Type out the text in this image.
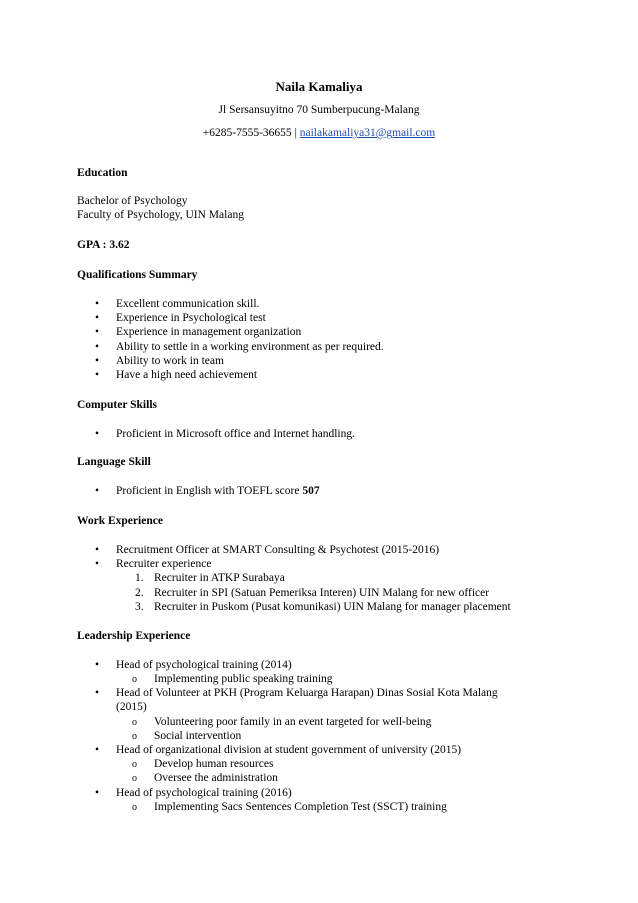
Naila Kamaliya
Jl Sersansuyitno 70 Sumberpucung-Malang
+6285-7555-36655 | nailakamaliya31@gmail.com
Education
Bachelor of Psychology
Faculty of Psychology, UIN Malang
GPA : 3.62
Qualifications Summary
Excellent communication skill.
Experience in Psychological test
Experience in management organization
Ability to settle in a working environment as per required.
Ability to work in team
Have a high need achievement
Computer Skills
Proficient in Microsoft office and Internet handling.
Language Skill
Proficient in English with TOEFL score 507
Work Experience
Recruitment Officer at SMART Consulting & Psychotest (2015-2016)
Recruiter experience
1. Recruiter in ATKP Surabaya
2. Recruiter in SPI (Satuan Pemeriksa Interen) UIN Malang for new officer
3. Recruiter in Puskom (Pusat komunikasi) UIN Malang for manager placement
Leadership Experience
Head of psychological training (2014)
o Implementing public speaking training
Head of Volunteer at PKH (Program Keluarga Harapan) Dinas Sosial Kota Malang
(2015)
o Volunteering poor family in an event targeted for well-being
o Social intervention
Head of organizational division at student government of university (2015)
o Develop human resources
o Oversee the administration
Head of psychological training (2016)
o Implementing Sacs Sentences Completion Test (SSCT) training
